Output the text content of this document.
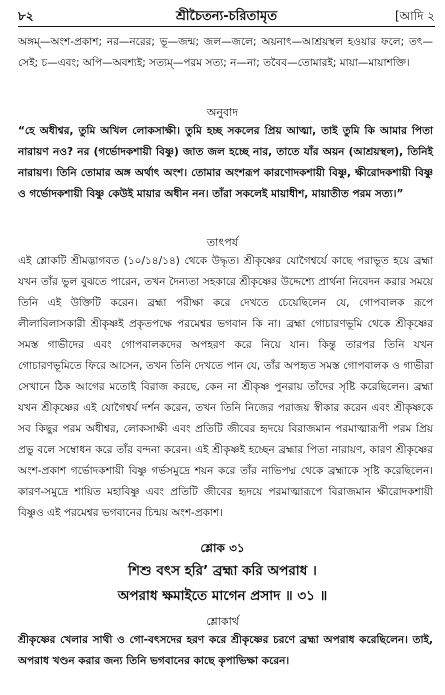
৮২	শ্রীচৈতন্য-চরিতামৃত	[আদি ২

অঙ্গম্—অংশ-প্রকাশ; নর—নরের; ভূ—জন্ম; জল—জলে; অয়নাৎ—আশ্রয়স্থল হওয়ার ফলে; তৎ—সেই; চ—এবং; অপি—অবশ্যই; সত্যম্—পরম সত্য; ন—না; তবৈব—তোমারই; মায়া—মায়াশক্তি।

অনুবাদ

“হে অধীশ্বর, তুমি অখিল লোকসাক্ষী। তুমি হচ্ছ সকলের প্রিয় আত্মা, তাই তুমি কি আমার পিতা নারায়ণ নও? নর (গর্ভোদকশায়ী বিষ্ণু) জাত জল হচ্ছে নার, তাতে যাঁর অয়ন (আশ্রয়স্থল), তিনিই নারায়ণ। তিনি তোমার অঙ্গ অর্থাৎ অংশ। তোমার অংশরূপ কারণোদকশায়ী বিষ্ণু, ক্ষীরোদকশায়ী বিষ্ণু ও গর্ভোদকশায়ী বিষ্ণু কেউই মায়ার অধীন নন। তাঁরা সকলেই মায়াধীশ, মায়াতীত পরম সত্য।”

তাৎপর্য

এই শ্লোকটি শ্রীমদ্ভাগবত (১০/১৪/১৪) থেকে উদ্ধৃত। শ্রীকৃষ্ণের যোগৈশ্বর্যে কাছে পরাভূত হয়ে ব্রহ্মা যখন তাঁর ভুল বুঝতে পারেন, তখন দৈন্যতা সহকারে শ্রীকৃষ্ণের উদ্দেশ্যে প্রার্থনা নিবেদন করার সময়ে তিনি এই উক্তিটি করেন। ব্রহ্মা পরীক্ষা করে দেখতে চেয়েছিলেন যে, গোপবালক রূপে লীলাবিলাসকারী শ্রীকৃষ্ণই প্রকৃতপক্ষে পরমেশ্বর ভগবান কি না। ব্রহ্মা গোচারণভূমি থেকে শ্রীকৃষ্ণের সমস্ত গাভীদের এবং গোপবালকদের অপহরণ করে নিয়ে যান। কিন্তু তারপর তিনি যখন গোচারণভূমিতে ফিরে আসেন, তখন তিনি দেখতে পান যে, তাঁর অপহৃত সমস্ত গোপবালক ও গাভীরা সেখানে ঠিক আগের মতোই বিরাজ করছে, কেন না শ্রীকৃষ্ণ পুনরায় তাঁদের সৃষ্টি করেছিলেন। ব্রহ্মা যখন শ্রীকৃষ্ণের এই যোগৈশ্বর্য দর্শন করেন, তখন তিনি নিজের পরাজয় স্বীকার করেন এবং শ্রীকৃষ্ণকে সব কিছুর পরম অধীশ্বর, লোকসাক্ষী এবং প্রতিটি জীবের হৃদয়ে বিরাজমান পরমাত্মারূপী পরম প্রিয় প্রভু বলে সম্বোধন করে তাঁর বন্দনা করেন। এই শ্রীকৃষ্ণই হচ্ছেন ব্রহ্মার পিতা নারায়ণ, কারণ শ্রীকৃষ্ণের অংশ-প্রকাশ গর্ভোদকশায়ী বিষ্ণু গর্ভসমুদ্রে শয়ন করে তাঁর নাভিপদ্ম থেকে ব্রহ্মাকে সৃষ্টি করেছিলেন। কারণ-সমুদ্রে শায়িত মহাবিষ্ণু এবং প্রতিটি জীবের হৃদয়ে পরমাত্মারূপে বিরাজমান ক্ষীরোদকশায়ী বিষ্ণুও এই পরমেশ্বর ভগবানের চিন্ময় অংশ-প্রকাশ।

শ্লোক ৩১
শিশু বৎস হরি’ ব্রহ্মা করি অপরাধ ।
অপরাধ ক্ষমাইতে মাগেন প্রসাদ ॥ ৩১ ॥
শ্লোকার্থ

শ্রীকৃষ্ণের খেলার সাথী ও গো-বৎসদের হরণ করে শ্রীকৃষ্ণের চরণে ব্রহ্মা অপরাধ করেছিলেন। তাই, অপরাধ খণ্ডন করার জন্য তিনি ভগবানের কাছে কৃপাভিক্ষা করেন।
